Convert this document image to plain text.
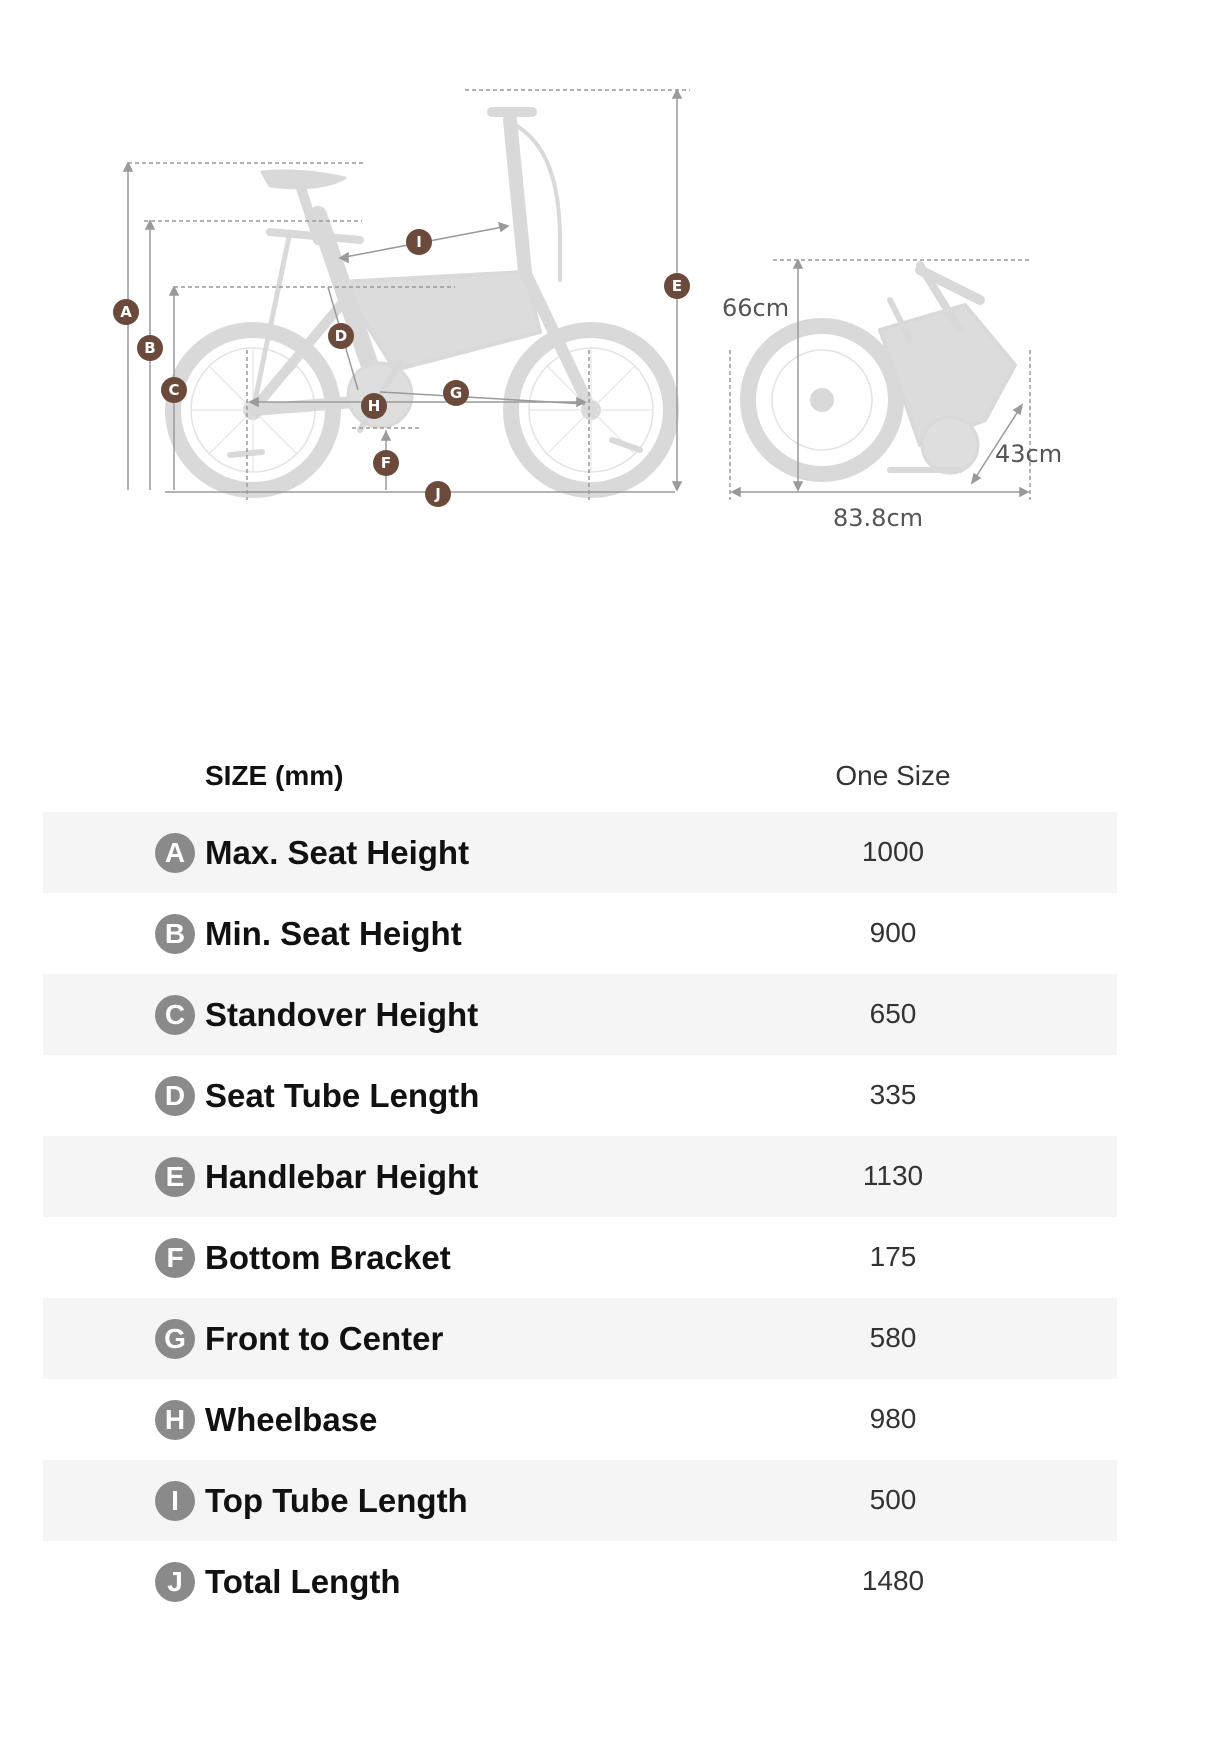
A
B
C
D
E
F
G
H
I
J
66cm
83.8cm
43cm
SIZE (mm)	One Size
A Max. Seat Height	1000
B Min. Seat Height	900
C Standover Height	650
D Seat Tube Length	335
E Handlebar Height	1130
F Bottom Bracket	175
G Front to Center	580
H Wheelbase	980
I Top Tube Length	500
J Total Length	1480
